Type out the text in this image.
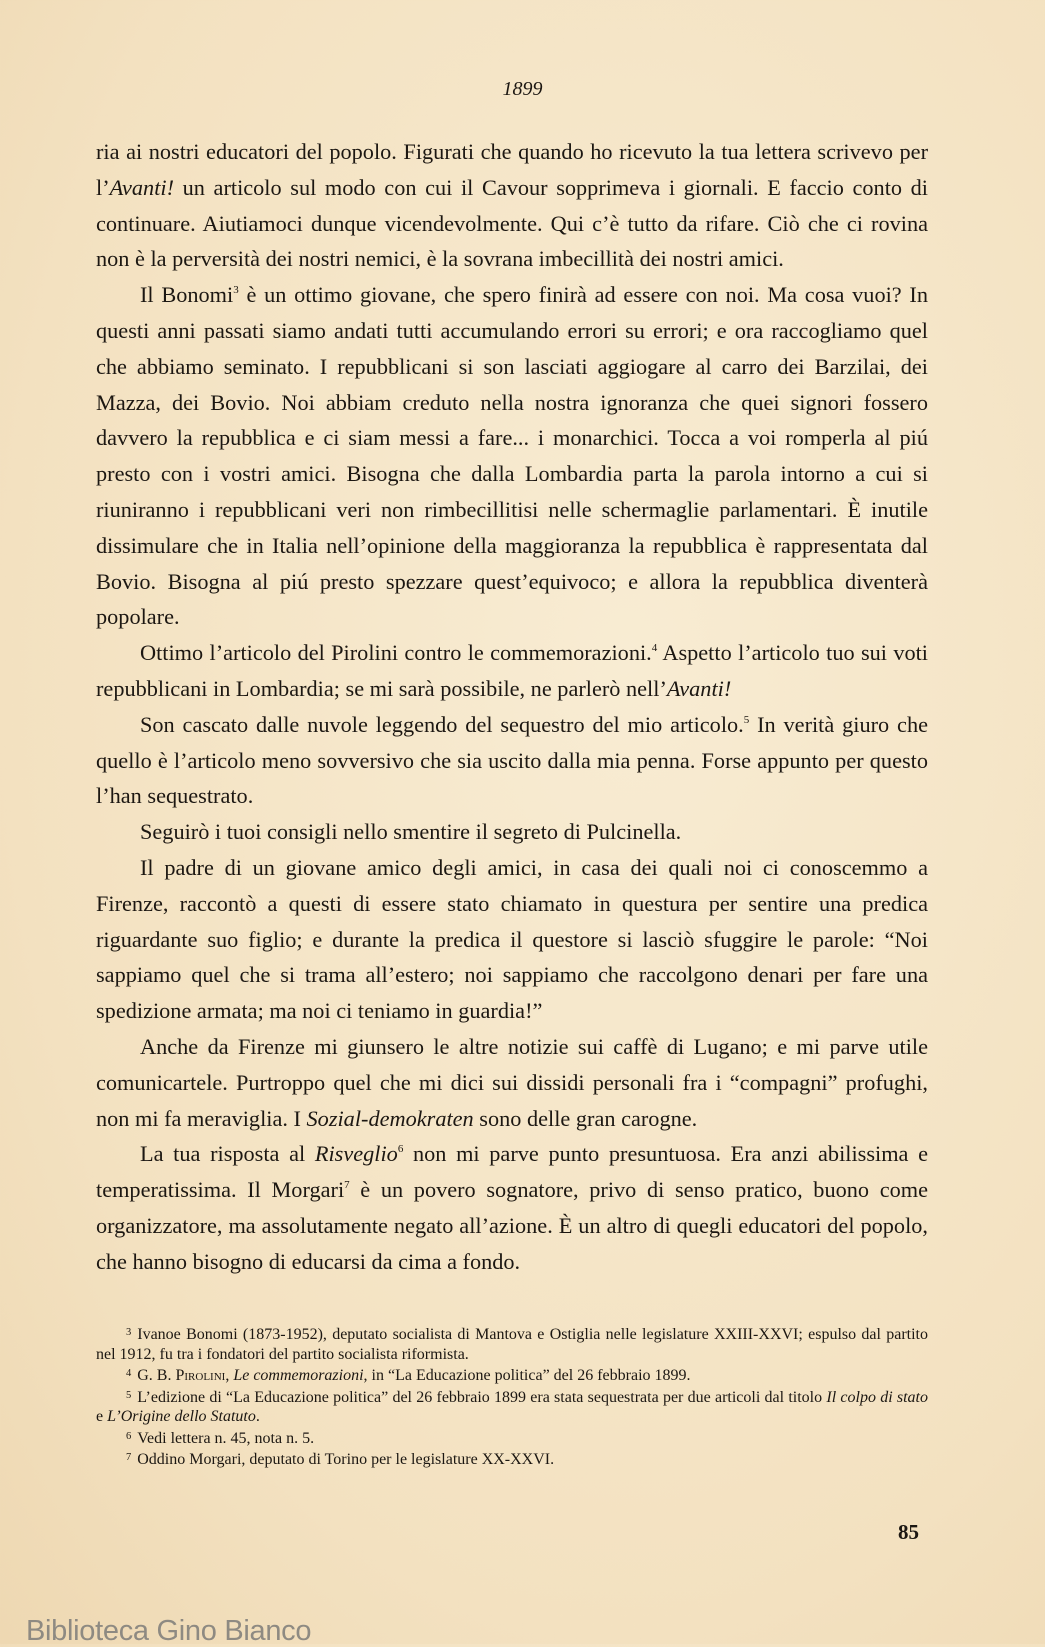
1899

ria ai nostri educatori del popolo. Figurati che quando ho ricevuto la tua lettera scrivevo per l’Avanti! un articolo sul modo con cui il Cavour sopprimeva i giornali. E faccio conto di continuare. Aiutiamoci dunque vicendevolmente. Qui c’è tutto da rifare. Ciò che ci rovina non è la perversità dei nostri nemici, è la sovrana imbecillità dei nostri amici.

Il Bonomi$^3$ è un ottimo giovane, che spero finirà ad essere con noi. Ma cosa vuoi? In questi anni passati siamo andati tutti accumulando errori su errori; e ora raccogliamo quel che abbiamo seminato. I repubblicani si son lasciati aggiogare al carro dei Barzilai, dei Mazza, dei Bovio. Noi abbiam creduto nella nostra ignoranza che quei signori fossero davvero la repubblica e ci siam messi a fare... i monarchici. Tocca a voi romperla al piú presto con i vostri amici. Bisogna che dalla Lombardia parta la parola intorno a cui si riuniranno i repubblicani veri non rimbecillitisi nelle schermaglie parlamentari. È inutile dissimulare che in Italia nell’opinione della maggioranza la repubblica è rappresentata dal Bovio. Bisogna al piú presto spezzare quest’equivoco; e allora la repubblica diventerà popolare.

Ottimo l’articolo del Pirolini contro le commemorazioni.$^4$ Aspetto l’articolo tuo sui voti repubblicani in Lombardia; se mi sarà possibile, ne parlerò nell’Avanti!

Son cascato dalle nuvole leggendo del sequestro del mio articolo.$^5$ In verità giuro che quello è l’articolo meno sovversivo che sia uscito dalla mia penna. Forse appunto per questo l’han sequestrato.

Seguirò i tuoi consigli nello smentire il segreto di Pulcinella.

Il padre di un giovane amico degli amici, in casa dei quali noi ci conoscemmo a Firenze, raccontò a questi di essere stato chiamato in questura per sentire una predica riguardante suo figlio; e durante la predica il questore si lasciò sfuggire le parole: “Noi sappiamo quel che si trama all’estero; noi sappiamo che raccolgono denari per fare una spedizione armata; ma noi ci teniamo in guardia!”

Anche da Firenze mi giunsero le altre notizie sui caffè di Lugano; e mi parve utile comunicartele. Purtroppo quel che mi dici sui dissidi personali fra i “compagni” profughi, non mi fa meraviglia. I Sozial-demokraten sono delle gran carogne.

La tua risposta al Risveglio$^6$ non mi parve punto presuntuosa. Era anzi abilissima e temperatissima. Il Morgari$^7$ è un povero sognatore, privo di senso pratico, buono come organizzatore, ma assolutamente negato all’azione. È un altro di quegli educatori del popolo, che hanno bisogno di educarsi da cima a fondo.

$^3$ Ivanoe Bonomi (1873-1952), deputato socialista di Mantova e Ostiglia nelle legislature XXIII-XXVI; espulso dal partito nel 1912, fu tra i fondatori del partito socialista riformista.

$^4$ G. B. Pirolini, Le commemorazioni, in “La Educazione politica” del 26 febbraio 1899.

$^5$ L’edizione di “La Educazione politica” del 26 febbraio 1899 era stata sequestrata per due articoli dal titolo Il colpo di stato e L’Origine dello Statuto.

$^6$ Vedi lettera n. 45, nota n. 5.

$^7$ Oddino Morgari, deputato di Torino per le legislature XX-XXVI.

85
Biblioteca Gino Bianco
